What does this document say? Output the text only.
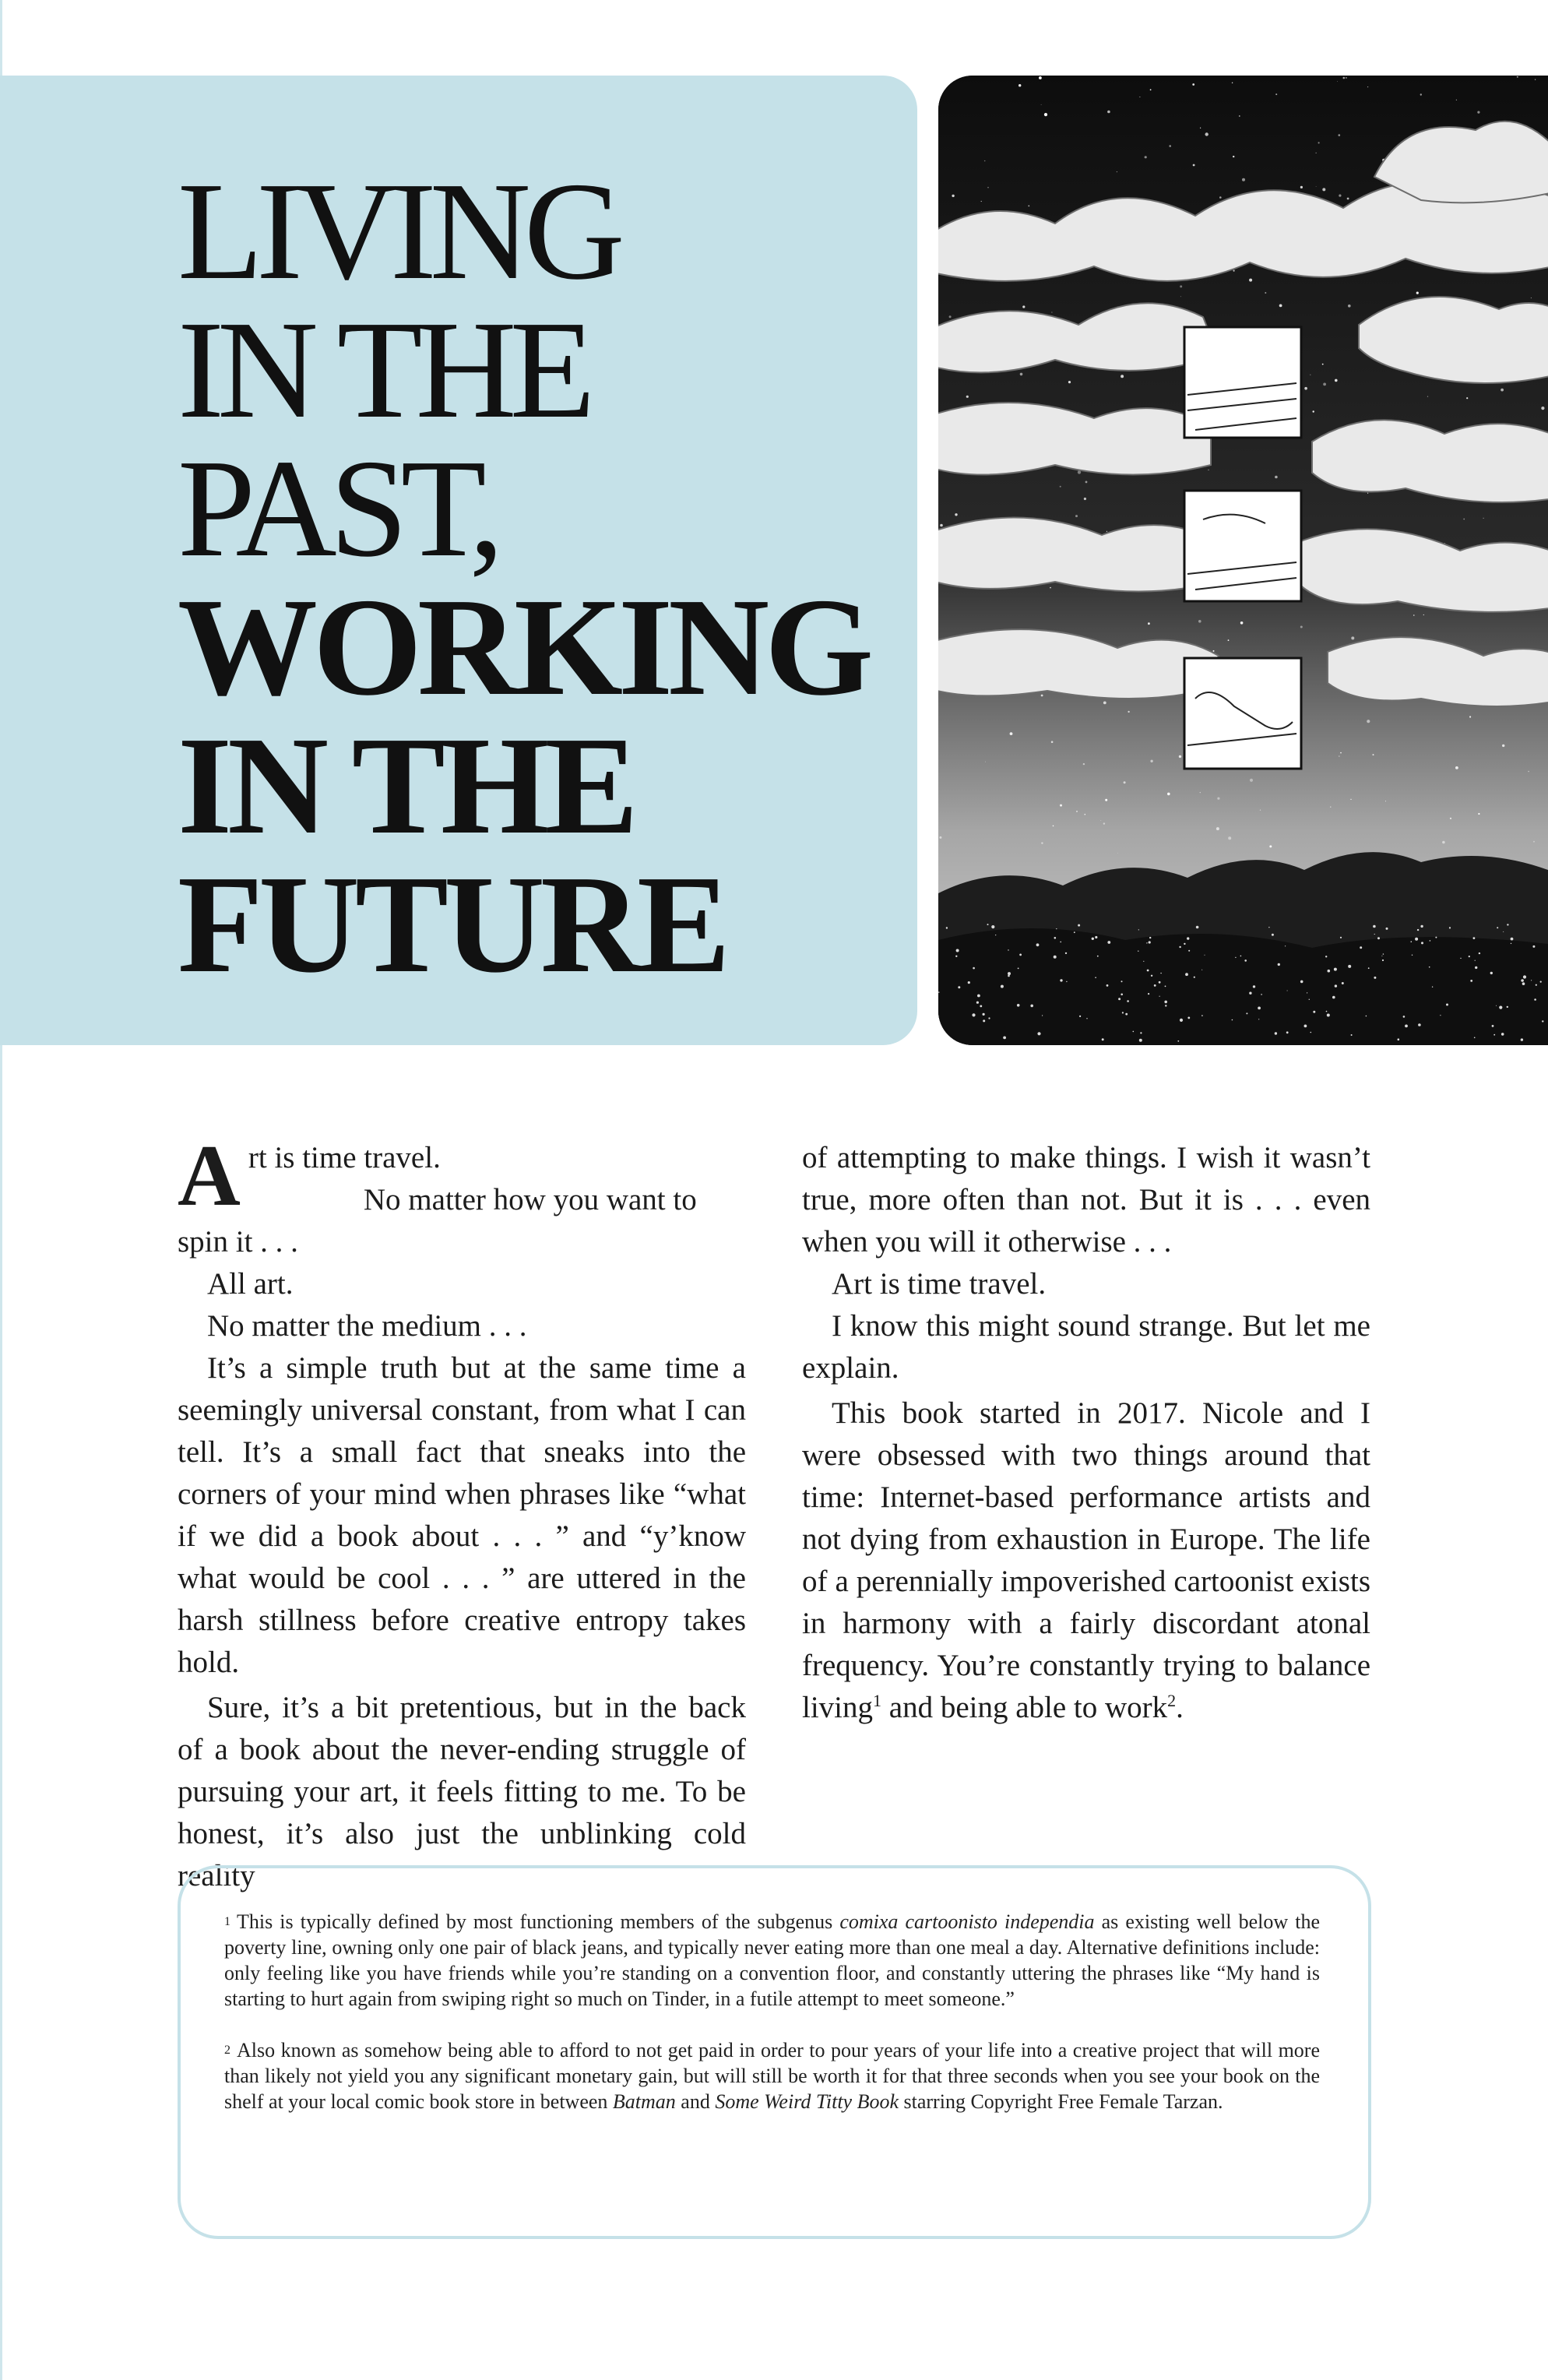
LIVING
IN THE
PAST,
WORKING
IN THE
FUTURE

Art is time travel.

No matter how you want to spin it . . .

All art.

No matter the medium . . .

It’s a simple truth but at the same time a seemingly universal constant, from what I can tell. It’s a small fact that sneaks into the corners of your mind when phrases like “what if we did a book about . . . ” and “y’know what would be cool . . . ” are uttered in the harsh stillness before creative entropy takes hold.

Sure, it’s a bit pretentious, but in the back of a book about the never-ending struggle of pursuing your art, it feels fitting to me. To be honest, it’s also just the unblinking cold reality

of attempting to make things. I wish it wasn’t true, more often than not. But it is . . . even when you will it otherwise . . .

Art is time travel.

I know this might sound strange. But let me explain.

This book started in 2017. Nicole and I were obsessed with two things around that time: Internet-based performance artists and not dying from exhaustion in Europe. The life of a perennially impoverished cartoonist exists in harmony with a fairly discordant atonal frequency. You’re constantly trying to balance living$^1$ and being able to work$^2$.

$^1$ This is typically defined by most functioning members of the subgenus comixa cartoonisto independia as existing well below the poverty line, owning only one pair of black jeans, and typically never eating more than one meal a day. Alternative definitions include: only feeling like you have friends while you’re standing on a convention floor, and constantly uttering the phrases like “My hand is starting to hurt again from swiping right so much on Tinder, in a futile attempt to meet someone.”

$^2$ Also known as somehow being able to afford to not get paid in order to pour years of your life into a creative project that will more than likely not yield you any significant monetary gain, but will still be worth it for that three seconds when you see your book on the shelf at your local comic book store in between Batman and Some Weird Titty Book starring Copyright Free Female Tarzan.
